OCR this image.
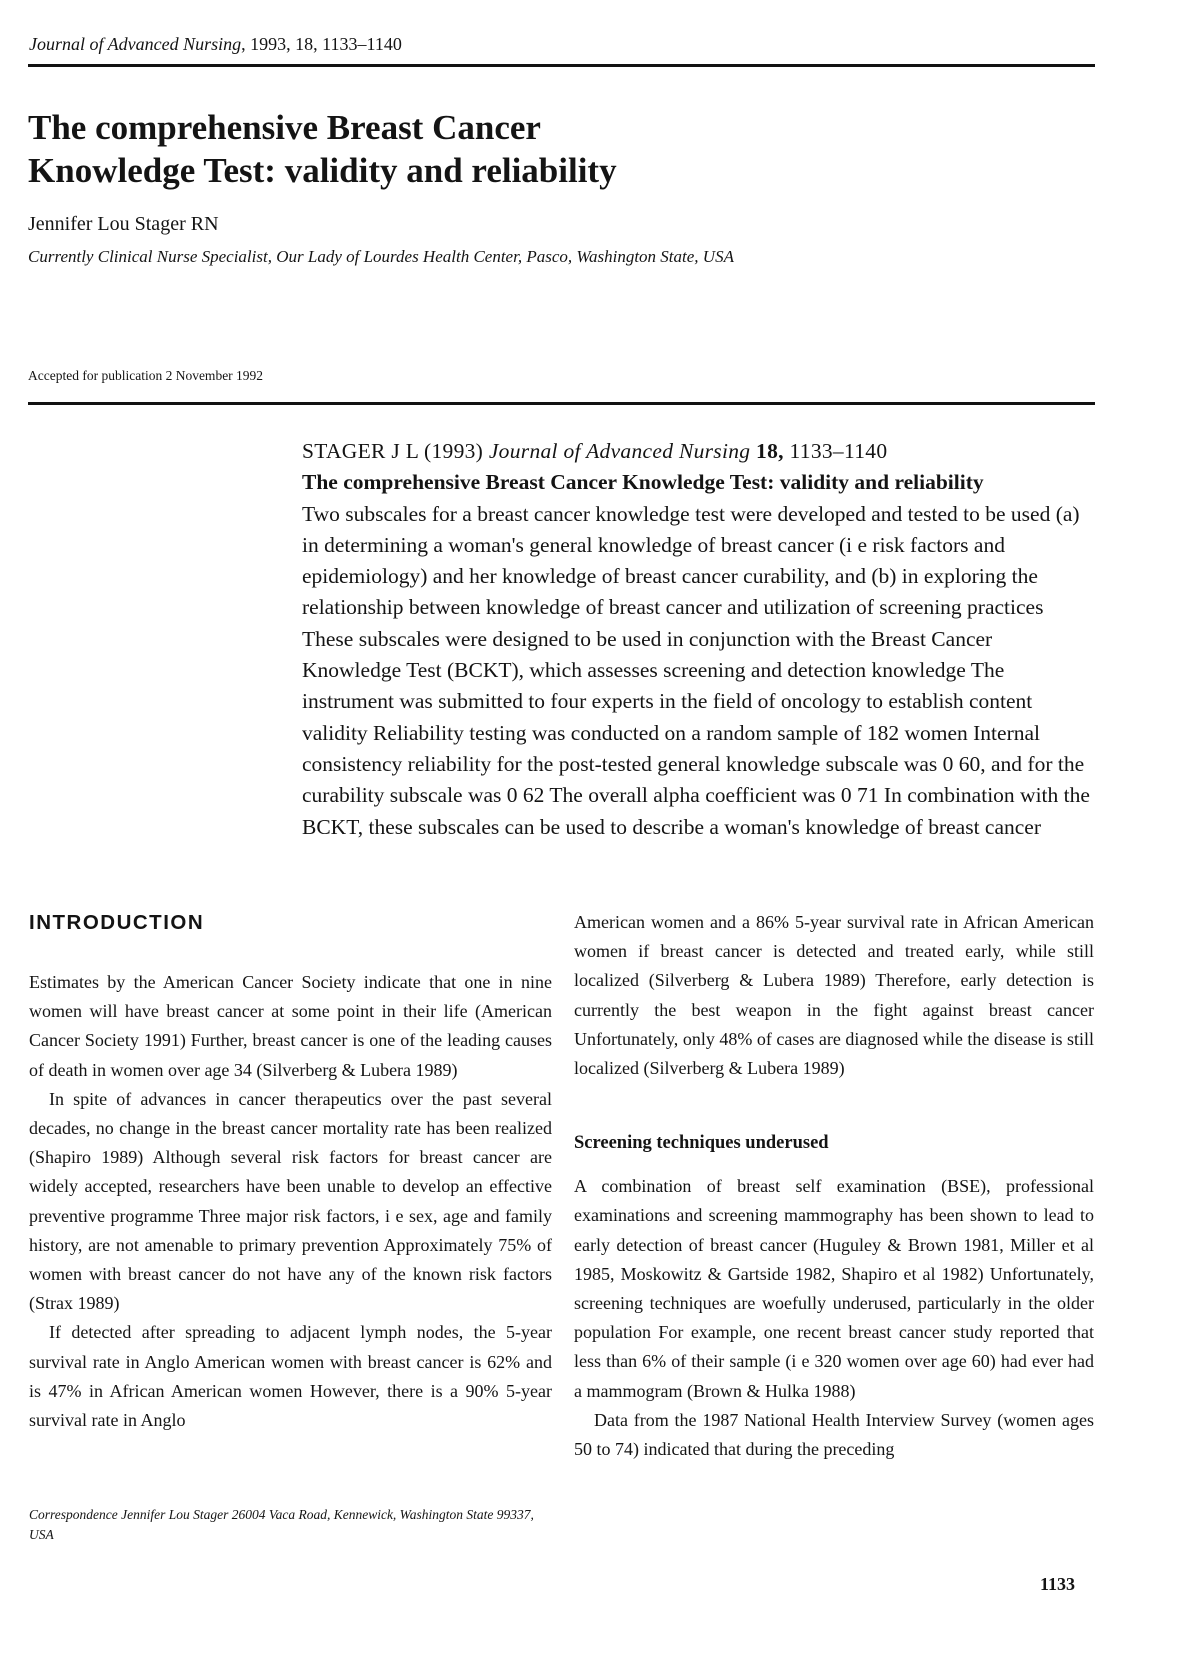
Journal of Advanced Nursing, 1993, 18, 1133–1140
The comprehensive Breast Cancer
Knowledge Test: validity and reliability
Jennifer Lou Stager RN
Currently Clinical Nurse Specialist, Our Lady of Lourdes Health Center, Pasco, Washington State, USA
Accepted for publication 2 November 1992
STAGER J L (1993) Journal of Advanced Nursing 18, 1133–1140
The comprehensive Breast Cancer Knowledge Test: validity and reliability
Two subscales for a breast cancer knowledge test were developed and tested to be used (a) in determining a woman's general knowledge of breast cancer (i e risk factors and epidemiology) and her knowledge of breast cancer curability, and (b) in exploring the relationship between knowledge of breast cancer and utilization of screening practices These subscales were designed to be used in conjunction with the Breast Cancer Knowledge Test (BCKT), which assesses screening and detection knowledge The instrument was submitted to four experts in the field of oncology to establish content validity Reliability testing was conducted on a random sample of 182 women Internal consistency reliability for the post-tested general knowledge subscale was 0 60, and for the curability subscale was 0 62 The overall alpha coefficient was 0 71 In combination with the BCKT, these subscales can be used to describe a woman's knowledge of breast cancer
INTRODUCTION

Estimates by the American Cancer Society indicate that one in nine women will have breast cancer at some point in their life (American Cancer Society 1991) Further, breast cancer is one of the leading causes of death in women over age 34 (Silverberg & Lubera 1989)

In spite of advances in cancer therapeutics over the past several decades, no change in the breast cancer mortality rate has been realized (Shapiro 1989) Although several risk factors for breast cancer are widely accepted, researchers have been unable to develop an effective preventive programme Three major risk factors, i e sex, age and family history, are not amenable to primary prevention Approximately 75% of women with breast cancer do not have any of the known risk factors (Strax 1989)

If detected after spreading to adjacent lymph nodes, the 5-year survival rate in Anglo American women with breast cancer is 62% and is 47% in African American women However, there is a 90% 5-year survival rate in Anglo

Correspondence Jennifer Lou Stager 26004 Vaca Road, Kennewick, Washington State 99337, USA

American women and a 86% 5-year survival rate in African American women if breast cancer is detected and treated early, while still localized (Silverberg & Lubera 1989) Therefore, early detection is currently the best weapon in the fight against breast cancer Unfortunately, only 48% of cases are diagnosed while the disease is still localized (Silverberg & Lubera 1989)

Screening techniques underused

A combination of breast self examination (BSE), professional examinations and screening mammography has been shown to lead to early detection of breast cancer (Huguley & Brown 1981, Miller et al 1985, Moskowitz & Gartside 1982, Shapiro et al 1982) Unfortunately, screening techniques are woefully underused, particularly in the older population For example, one recent breast cancer study reported that less than 6% of their sample (i e 320 women over age 60) had ever had a mammogram (Brown & Hulka 1988)

Data from the 1987 National Health Interview Survey (women ages 50 to 74) indicated that during the preceding

1133
